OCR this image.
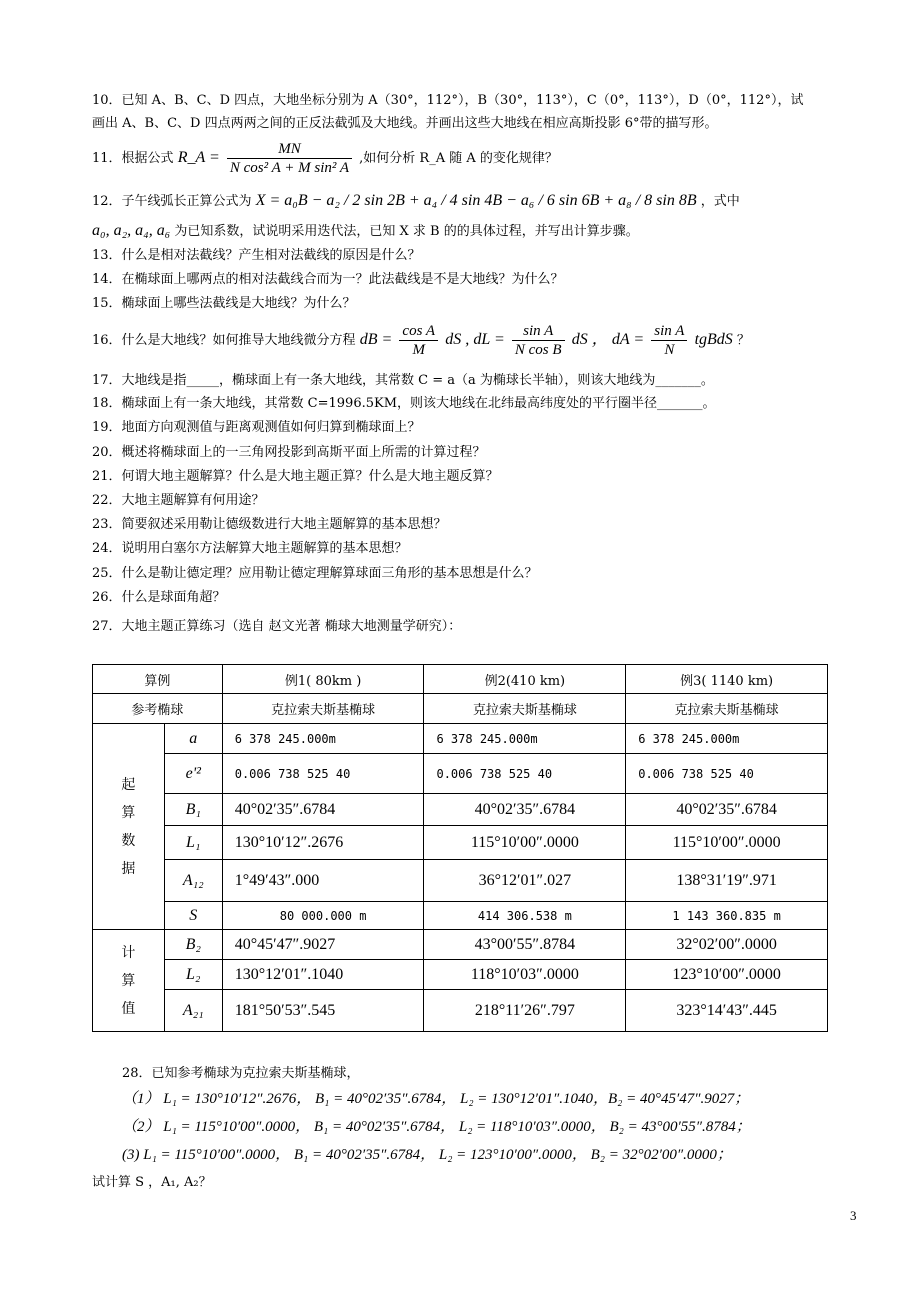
10．已知 A、B、C、D 四点，大地坐标分别为 A（30°，112°），B（30°，113°），C（0°，113°），D（0°，112°），试
画出 A、B、C、D 四点两两之间的正反法截弧及大地线。并画出这些大地线在相应高斯投影 6°带的描写形。
11．根据公式 R_A = $\frac{MN}{\text{N cos² A + M sin² A}}$ ,如何分析 R_A 随 A 的变化规律？
12．子午线弧长正算公式为 X = a₀B − a₂ / 2 sin 2B + a₄ / 4 sin 4B − a₆ / 6 sin 6B + a₈ / 8 sin 8B ，式中
a₀, a₂, a₄, a₆ 为已知系数，试说明采用迭代法，已知 X 求 B 的的具体过程，并写出计算步骤。
13．什么是相对法截线？产生相对法截线的原因是什么？
14．在椭球面上哪两点的相对法截线合而为一？此法截线是不是大地线？为什么？
15．椭球面上哪些法截线是大地线？为什么？
16．什么是大地线？如何推导大地线微分方程 dB = $\frac{\text{cos A}}{M}$ dS , dL = $\frac{\text{sin A}}{\text{N cos B}}$ dS ， dA = $\frac{\text{sin A}}{N}$ tgBdS ？
17．大地线是指_____，椭球面上有一条大地线，其常数 C = a（a 为椭球长半轴），则该大地线为_______。
18．椭球面上有一条大地线，其常数 C=1996.5KM，则该大地线在北纬最高纬度处的平行圈半径_______。
19．地面方向观测值与距离观测值如何归算到椭球面上？
20．概述将椭球面上的一三角网投影到高斯平面上所需的计算过程？
21．何谓大地主题解算？什么是大地主题正算？什么是大地主题反算？
22．大地主题解算有何用途？
23．简要叙述采用勒让德级数进行大地主题解算的基本思想？
24．说明用白塞尔方法解算大地主题解算的基本思想？
25．什么是勒让德定理？应用勒让德定理解算球面三角形的基本思想是什么？
26．什么是球面角超？
27．大地主题正算练习（选自 赵文光著 椭球大地测量学研究）：
算例		例1( 80km )	例2(410 km)	例3( 1140 km)
参考椭球		克拉索夫斯基椭球	克拉索夫斯基椭球	克拉索夫斯基椭球

起
算
数
据	a	6 378 245.000m	6 378 245.000m	6 378 245.000m
	e'²	0.006 738 525 40	0.006 738 525 40	0.006 738 525 40
	B₁	40°02′35″.6784	40°02′35″.6784	40°02′35″.6784
	L₁	130°10′12″.2676	115°10′00″.0000	115°10′00″.0000
	A₁₂	1°49′43″.000	36°12′01″.027	138°31′19″.971
	S	80 000.000 m	414 306.538 m	1 143 360.835 m

计
算
值	B₂	40°45′47″.9027	43°00′55″.8784	32°02′00″.0000
	L₂	130°12′01″.1040	118°10′03″.0000	123°10′00″.0000
	A₂₁	181°50′53″.545	218°11′26″.797	323°14′43″.445
28．已知参考椭球为克拉索夫斯基椭球，
（1） L₁ = 130°10′12″.2676， B₁ = 40°02′35″.6784， L₂ = 130°12′01″.1040，B₂ = 40°45′47″.9027；
（2） L₁ = 115°10′00″.0000， B₁ = 40°02′35″.6784， L₂ = 118°10′03″.0000， B₂ = 43°00′55″.8784；
(3) L₁ = 115°10′00″.0000， B₁ = 40°02′35″.6784， L₂ = 123°10′00″.0000， B₂ = 32°02′00″.0000；
试计算 S ，A₁, A₂？
3
